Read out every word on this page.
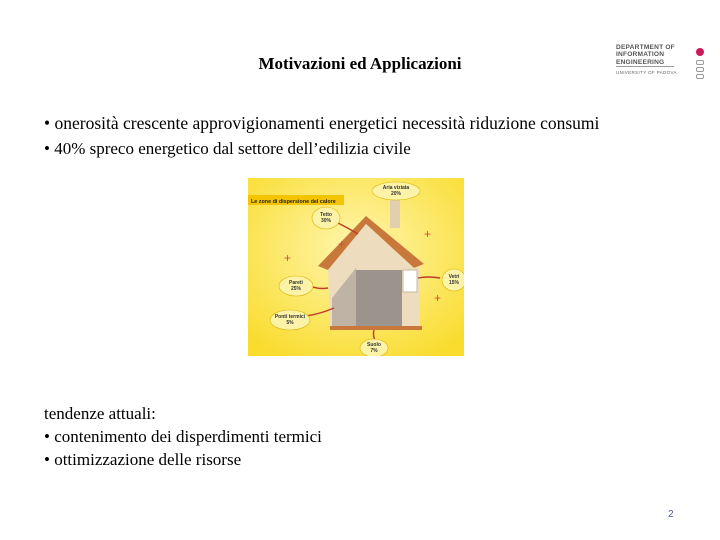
Motivazioni ed Applicazioni
DEPARTMENT OF
INFORMATION
ENGINEERING
UNIVERSITY OF PADOVA
• onerosità crescente approvigionamenti energetici necessità riduzione consumi
• 40% spreco energetico dal settore dell’edilizia civile
Le zone di dispersione del calore
+
+
+
+
Aria viziata
20%
Tetto
30%
Pareti
25%
Ponti termici
5%
Vetri
15%
Suolo
7%
tendenze attuali:
• contenimento dei disperdimenti termici
• ottimizzazione delle risorse
2
